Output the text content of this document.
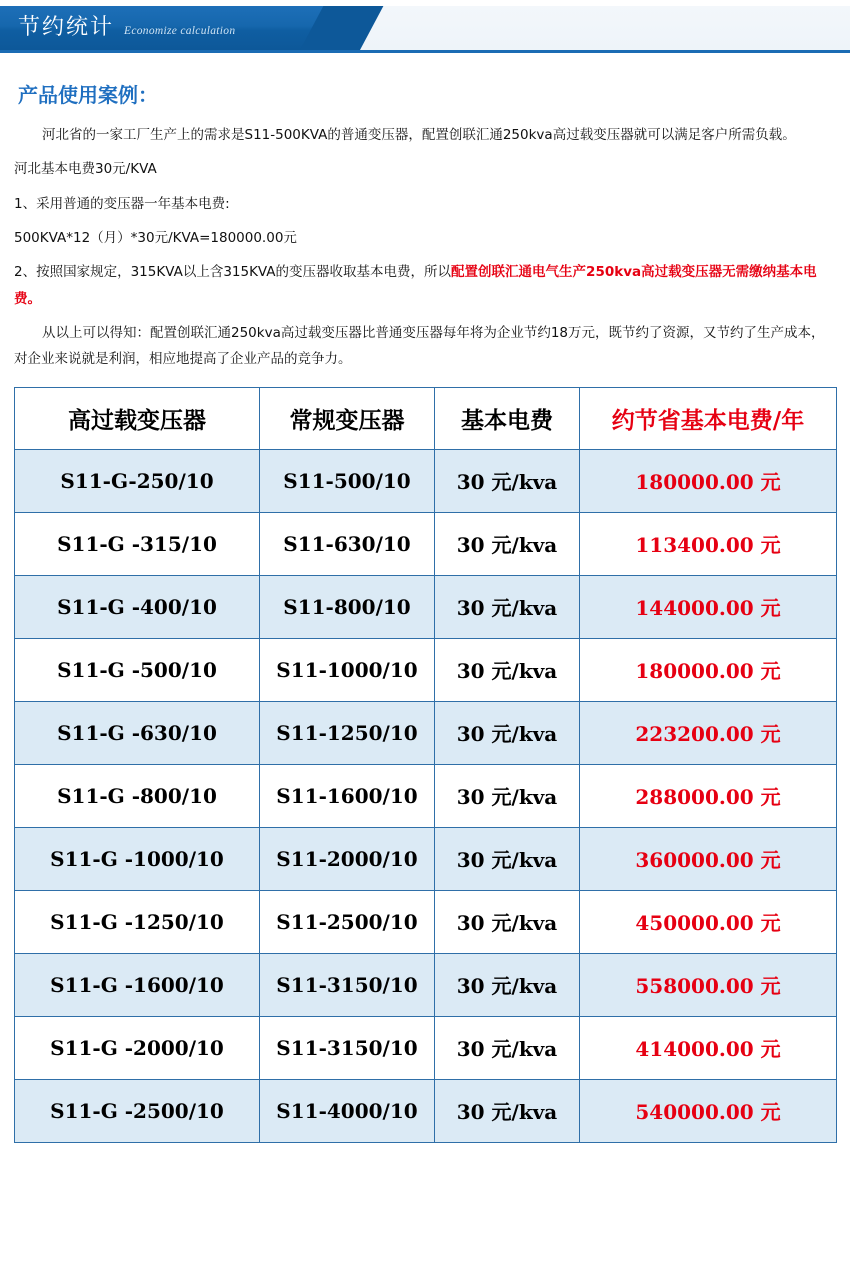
节约统计 Economize calculation
产品使用案例：

河北省的一家工厂生产上的需求是S11-500KVA的普通变压器，配置创联汇通250kva高过载变压器就可以满足客户所需负载。

河北基本电费30元/KVA

1、采用普通的变压器一年基本电费:

500KVA*12（月）*30元/KVA=180000.00元

2、按照国家规定，315KVA以上含315KVA的变压器收取基本电费，所以配置创联汇通电气生产250kva高过载变压器无需缴纳基本电费。

从以上可以得知：配置创联汇通250kva高过载变压器比普通变压器每年将为企业节约18万元，既节约了资源，又节约了生产成本，对企业来说就是利润，相应地提高了企业产品的竞争力。

高过载变压器	常规变压器	基本电费	约节省基本电费/年
S11-G-250/10	S11-500/10	30 元/kva	180000.00 元
S11-G -315/10	S11-630/10	30 元/kva	113400.00 元
S11-G -400/10	S11-800/10	30 元/kva	144000.00 元
S11-G -500/10	S11-1000/10	30 元/kva	180000.00 元
S11-G -630/10	S11-1250/10	30 元/kva	223200.00 元
S11-G -800/10	S11-1600/10	30 元/kva	288000.00 元
S11-G -1000/10	S11-2000/10	30 元/kva	360000.00 元
S11-G -1250/10	S11-2500/10	30 元/kva	450000.00 元
S11-G -1600/10	S11-3150/10	30 元/kva	558000.00 元
S11-G -2000/10	S11-3150/10	30 元/kva	414000.00 元
S11-G -2500/10	S11-4000/10	30 元/kva	540000.00 元
